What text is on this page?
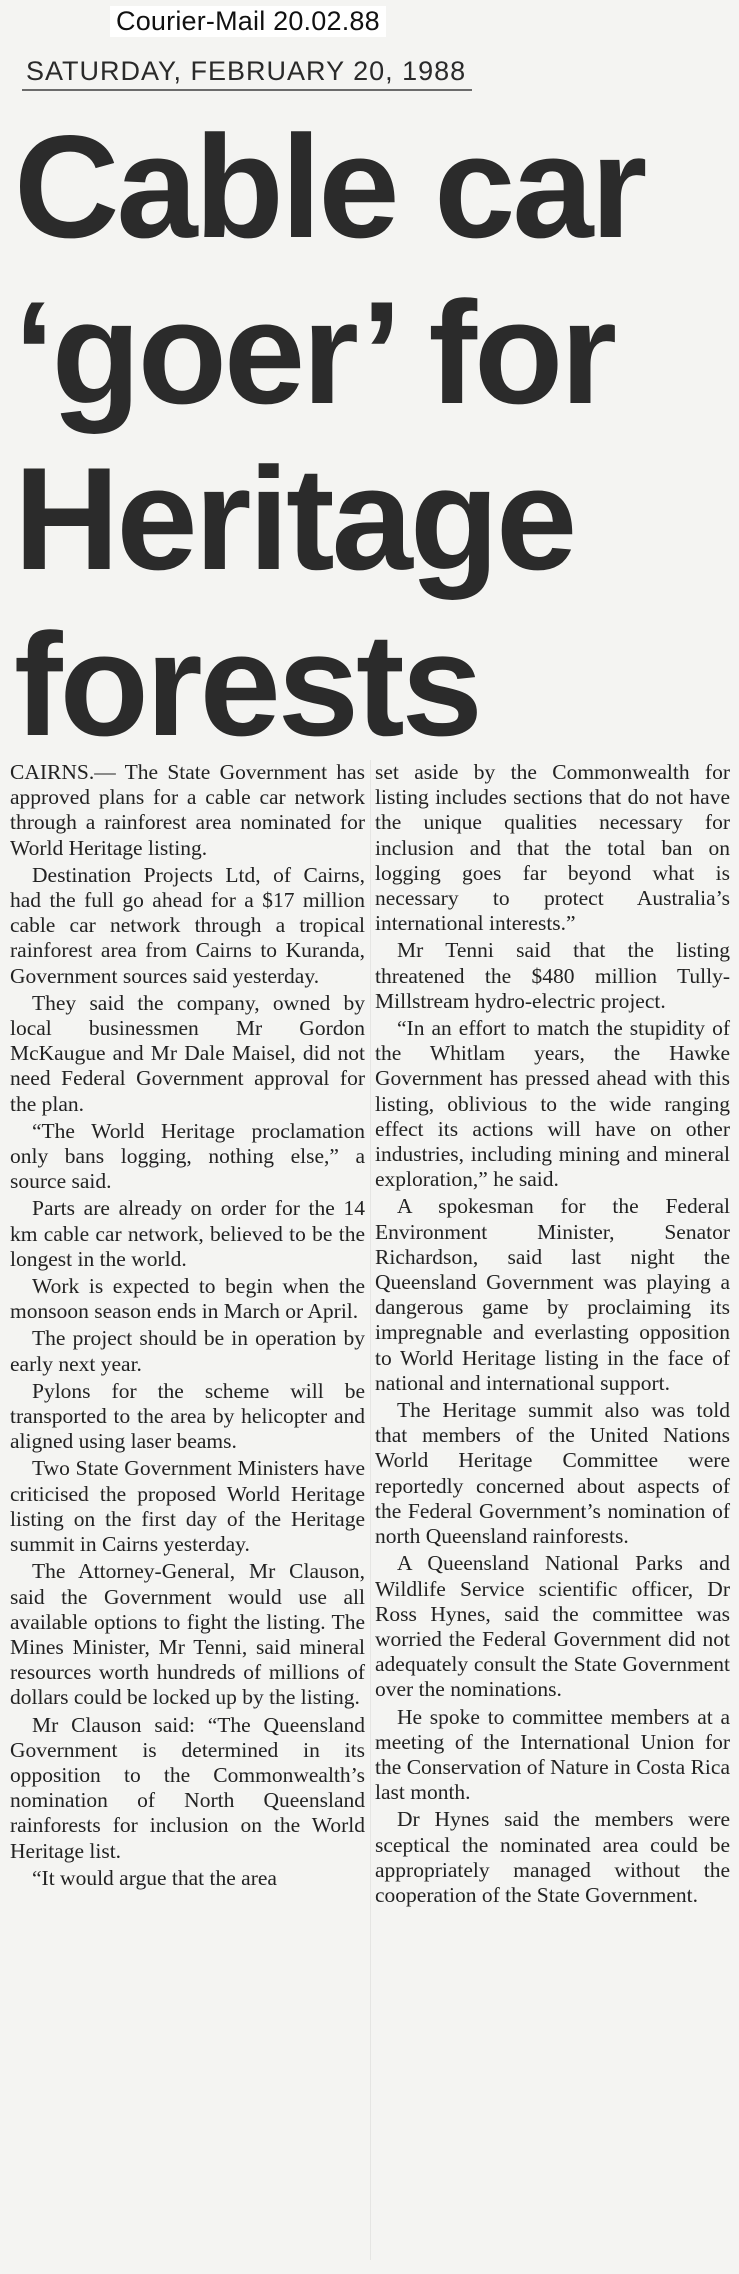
Courier-Mail 20.02.88
SATURDAY, FEBRUARY 20, 1988
Cable car
‘goer’ for
Heritage
forests

CAIRNS.— The State Government has approved plans for a cable car network through a rainforest area nominated for World Heritage listing.

Destination Projects Ltd, of Cairns, had the full go ahead for a $17 million cable car network through a tropical rainforest area from Cairns to Kuranda, Government sources said yesterday.

They said the company, owned by local businessmen Mr Gordon McKaugue and Mr Dale Maisel, did not need Federal Government approval for the plan.

“The World Heritage proclamation only bans logging, nothing else,” a source said.

Parts are already on order for the 14 km cable car network, believed to be the longest in the world.

Work is expected to begin when the monsoon season ends in March or April.

The project should be in operation by early next year.

Pylons for the scheme will be transported to the area by helicopter and aligned using laser beams.

Two State Government Ministers have criticised the proposed World Heritage listing on the first day of the Heritage summit in Cairns yesterday.

The Attorney-General, Mr Clauson, said the Government would use all available options to fight the listing. The Mines Minister, Mr Tenni, said mineral resources worth hundreds of millions of dollars could be locked up by the listing.

Mr Clauson said: “The Queensland Government is determined in its opposition to the Commonwealth’s nomination of North Queensland rainforests for inclusion on the World Heritage list.

“It would argue that the area

set aside by the Commonwealth for listing includes sections that do not have the unique qualities necessary for inclusion and that the total ban on logging goes far beyond what is necessary to protect Australia’s international interests.”

Mr Tenni said that the listing threatened the $480 million Tully-Millstream hydro-electric project.

“In an effort to match the stupidity of the Whitlam years, the Hawke Government has pressed ahead with this listing, oblivious to the wide ranging effect its actions will have on other industries, including mining and mineral exploration,” he said.

A spokesman for the Federal Environment Minister, Senator Richardson, said last night the Queensland Government was playing a dangerous game by proclaiming its impregnable and everlasting opposition to World Heritage listing in the face of national and international support.

The Heritage summit also was told that members of the United Nations World Heritage Committee were reportedly concerned about aspects of the Federal Government’s nomination of north Queensland rainforests.

A Queensland National Parks and Wildlife Service scientific officer, Dr Ross Hynes, said the committee was worried the Federal Government did not adequately consult the State Government over the nominations.

He spoke to committee members at a meeting of the International Union for the Conservation of Nature in Costa Rica last month.

Dr Hynes said the members were sceptical the nominated area could be appropriately managed without the cooperation of the State Government.
